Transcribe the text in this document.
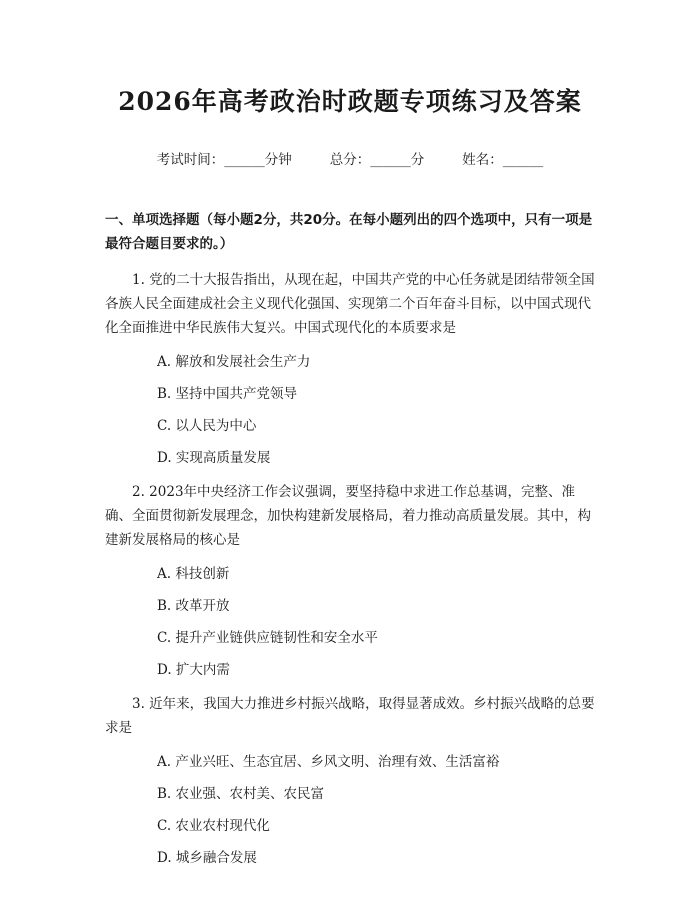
2026年高考政治时政题专项练习及答案
考试时间：______分钟	总分：______分	姓名：______
一、单项选择题（每小题2分，共20分。在每小题列出的四个选项中，只有一项是最符合题目要求的。）
1. 党的二十大报告指出，从现在起，中国共产党的中心任务就是团结带领全国各族人民全面建成社会主义现代化强国、实现第二个百年奋斗目标，以中国式现代化全面推进中华民族伟大复兴。中国式现代化的本质要求是
A. 解放和发展社会生产力
B. 坚持中国共产党领导
C. 以人民为中心
D. 实现高质量发展
2. 2023年中央经济工作会议强调，要坚持稳中求进工作总基调，完整、准确、全面贯彻新发展理念，加快构建新发展格局，着力推动高质量发展。其中，构建新发展格局的核心是
A. 科技创新
B. 改革开放
C. 提升产业链供应链韧性和安全水平
D. 扩大内需
3. 近年来，我国大力推进乡村振兴战略，取得显著成效。乡村振兴战略的总要求是
A. 产业兴旺、生态宜居、乡风文明、治理有效、生活富裕
B. 农业强、农村美、农民富
C. 农业农村现代化
D. 城乡融合发展
